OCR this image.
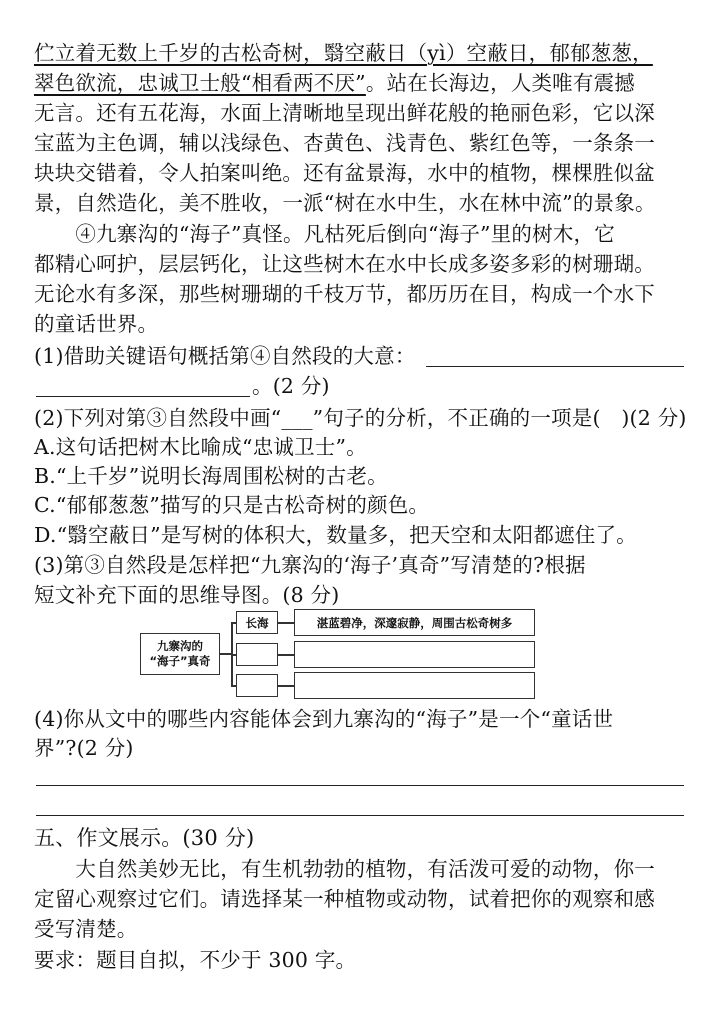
伫立着无数上千岁的古松奇树，翳空蔽日（yì）空蔽日，郁郁葱葱，
翠色欲流，忠诚卫士般“相看两不厌”。站在长海边，人类唯有震撼
无言。还有五花海，水面上清晰地呈现出鲜花般的艳丽色彩，它以深
宝蓝为主色调，辅以浅绿色、杏黄色、浅青色、紫红色等，一条条一
块块交错着，令人拍案叫绝。还有盆景海，水中的植物，棵棵胜似盆
景，自然造化，美不胜收，一派“树在水中生，水在林中流”的景象。
　　④九寨沟的“海子”真怪。凡枯死后倒向“海子”里的树木，它
都精心呵护，层层钙化，让这些树木在水中长成多姿多彩的树珊瑚。
无论水有多深，那些树珊瑚的千枝万节，都历历在目，构成一个水下
的童话世界。
(1)借助关键语句概括第④自然段的大意：
。(2 分)
(2)下列对第③自然段中画“___”句子的分析，不正确的一项是(　)(2 分)
A.这句话把树木比喻成“忠诚卫士”。
B.“上千岁”说明长海周围松树的古老。
C.“郁郁葱葱”描写的只是古松奇树的颜色。
D.“翳空蔽日”是写树的体积大，数量多，把天空和太阳都遮住了。
(3)第③自然段是怎样把“九寨沟的‘海子’真奇”写清楚的?根据
短文补充下面的思维导图。(8 分)
九寨沟的
“海子”真奇
长海	湛蓝碧净，深邃寂静，周围古松奇树多
(4)你从文中的哪些内容能体会到九寨沟的“海子”是一个“童话世
界”?(2 分)
五、作文展示。(30 分)
　　大自然美妙无比，有生机勃勃的植物，有活泼可爱的动物，你一
定留心观察过它们。请选择某一种植物或动物，试着把你的观察和感
受写清楚。
要求：题目自拟，不少于 300 字。
